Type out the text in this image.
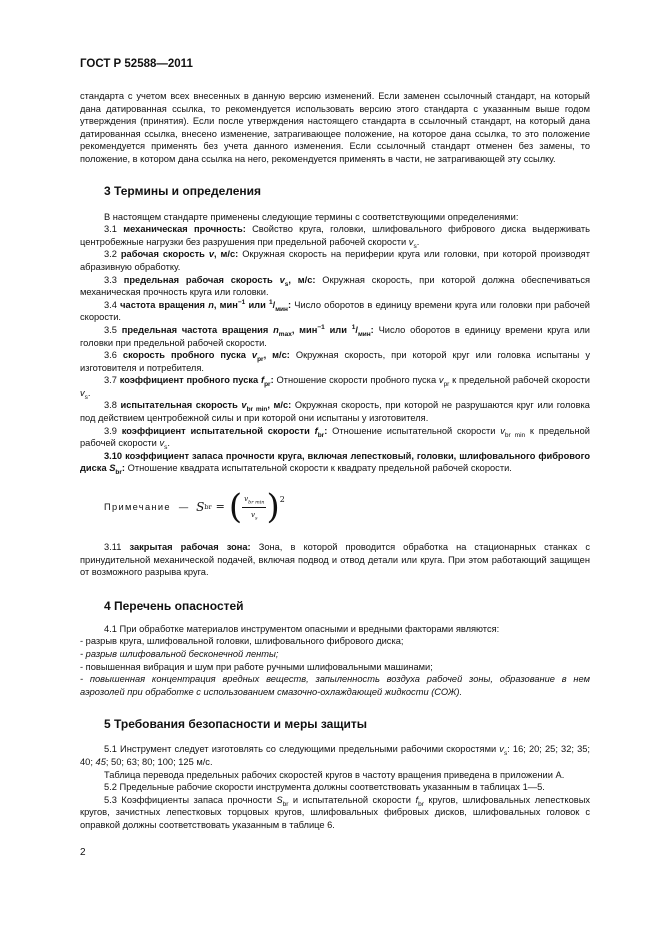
ГОСТ Р 52588—2011

стандарта с учетом всех внесенных в данную версию изменений. Если заменен ссылочный стандарт, на который дана датированная ссылка, то рекомендуется использовать версию этого стандарта с указанным выше годом утверждения (принятия). Если после утверждения настоящего стандарта в ссылочный стандарт, на который дана датированная ссылка, внесено изменение, затрагивающее положение, на которое дана ссылка, то это положение рекомендуется применять без учета данного изменения. Если ссылочный стандарт отменен без замены, то положение, в котором дана ссылка на него, рекомендуется применять в части, не затрагивающей эту ссылку.

3 Термины и определения

В настоящем стандарте применены следующие термины с соответствующими определениями:

3.1 механическая прочность: Свойство круга, головки, шлифовального фибрового диска выдерживать центробежные нагрузки без разрушения при предельной рабочей скорости $v_s$.

3.2 рабочая скорость v, м/с: Окружная скорость на периферии круга или головки, при которой производят абразивную обработку.

3.3 предельная рабочая скорость $v_s$, м/с: Окружная скорость, при которой должна обеспечиваться механическая прочность круга или головки.

3.4 частота вращения n, мин$^{-1}$ или $^1/_{мин}$: Число оборотов в единицу времени круга или головки при рабочей скорости.

3.5 предельная частота вращения $n_{max}$, мин$^{-1}$ или $^1/_{мин}$: Число оборотов в единицу времени круга или головки при предельной рабочей скорости.

3.6 скорость пробного пуска $v_{pr}$, м/с: Окружная скорость, при которой круг или головка испытаны у изготовителя и потребителя.

3.7 коэффициент пробного пуска $f_{pr}$: Отношение скорости пробного пуска $v_{pr}$ к предельной рабочей скорости $v_s$.

3.8 испытательная скорость $v_{br min}$, м/с: Окружная скорость, при которой не разрушаются круг или головка под действием центробежной силы и при которой они испытаны у изготовителя.

3.9 коэффициент испытательной скорости $f_{br}$: Отношение испытательной скорости $v_{br min}$ к предельной рабочей скорости $v_s$.

3.10 коэффициент запаса прочности круга, включая лепестковый, головки, шлифовального фибрового диска $S_{br}$: Отношение квадрата испытательной скорости к квадрату предельной рабочей скорости.

Примечание — S br = ( $\frac{v_{br min}}{v_s}$ ) 2

3.11 закрытая рабочая зона: Зона, в которой проводится обработка на стационарных станках с принудительной механической подачей, включая подвод и отвод детали или круга. При этом работающий защищен от возможного разрыва круга.

4 Перечень опасностей

4.1 При обработке материалов инструментом опасными и вредными факторами являются:

- разрыв круга, шлифовальной головки, шлифовального фибрового диска;

- разрыв шлифовальной бесконечной ленты;

- повышенная вибрация и шум при работе ручными шлифовальными машинами;

- повышенная концентрация вредных веществ, запыленность воздуха рабочей зоны, образование в нем аэрозолей при обработке с использованием смазочно-охлаждающей жидкости (СОЖ).

5 Требования безопасности и меры защиты

5.1 Инструмент следует изготовлять со следующими предельными рабочими скоростями $v_s$: 16; 20; 25; 32; 35; 40; 45; 50; 63; 80; 100; 125 м/с.

Таблица перевода предельных рабочих скоростей кругов в частоту вращения приведена в приложении А.

5.2 Предельные рабочие скорости инструмента должны соответствовать указанным в таблицах 1—5.

5.3 Коэффициенты запаса прочности $S_{br}$ и испытательной скорости $f_{br}$ кругов, шлифовальных лепестковых кругов, зачистных лепестковых торцовых кругов, шлифовальных фибровых дисков, шлифовальных головок с оправкой должны соответствовать указанным в таблице 6.

2
